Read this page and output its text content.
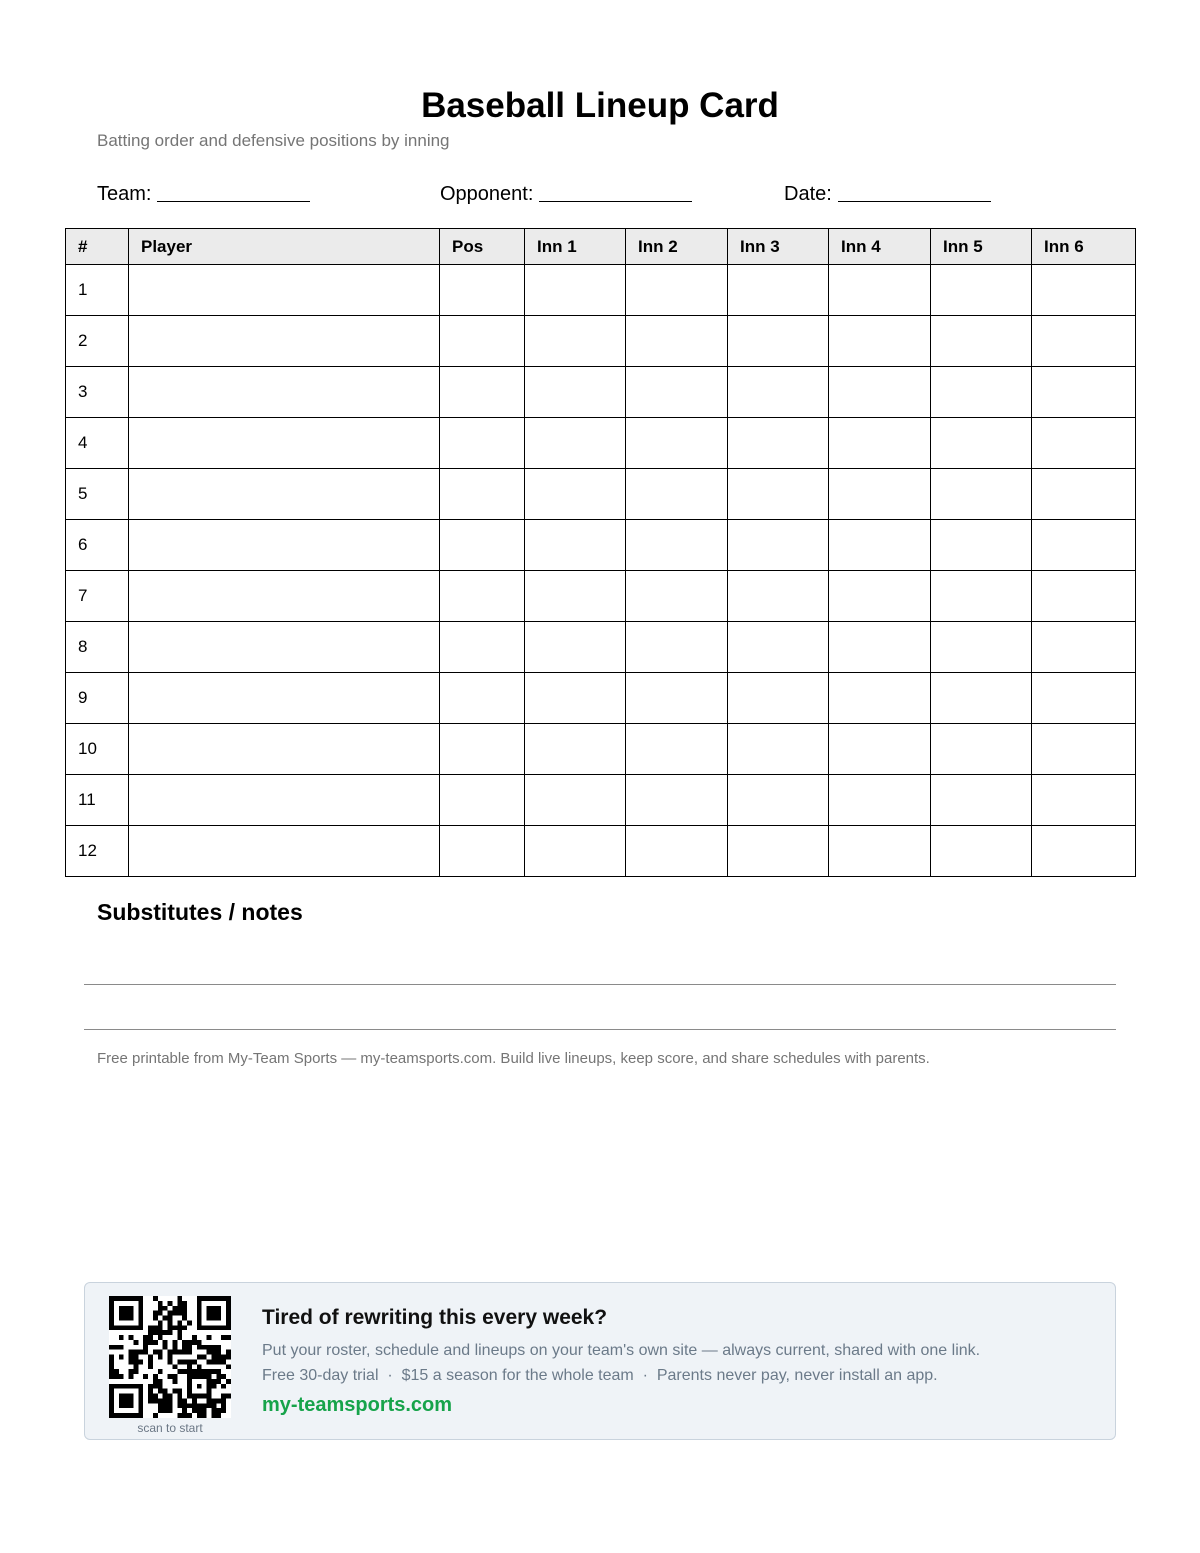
Baseball Lineup Card
Batting order and defensive positions by inning
Team:	Opponent:	Date:
#	Player	Pos	Inn 1	Inn 2	Inn 3	Inn 4	Inn 5	Inn 6
1								
2								
3								
4								
5								
6								
7								
8								
9								
10								
11								
12								
Substitutes / notes
Free printable from My-Team Sports — my-teamsports.com. Build live lineups, keep score, and share schedules with parents.
scan to start
Tired of rewriting this every week?
Put your roster, schedule and lineups on your team's own site — always current, shared with one link.
Free 30-day trial  ·  $15 a season for the whole team  ·  Parents never pay, never install an app.
my-teamsports.com
